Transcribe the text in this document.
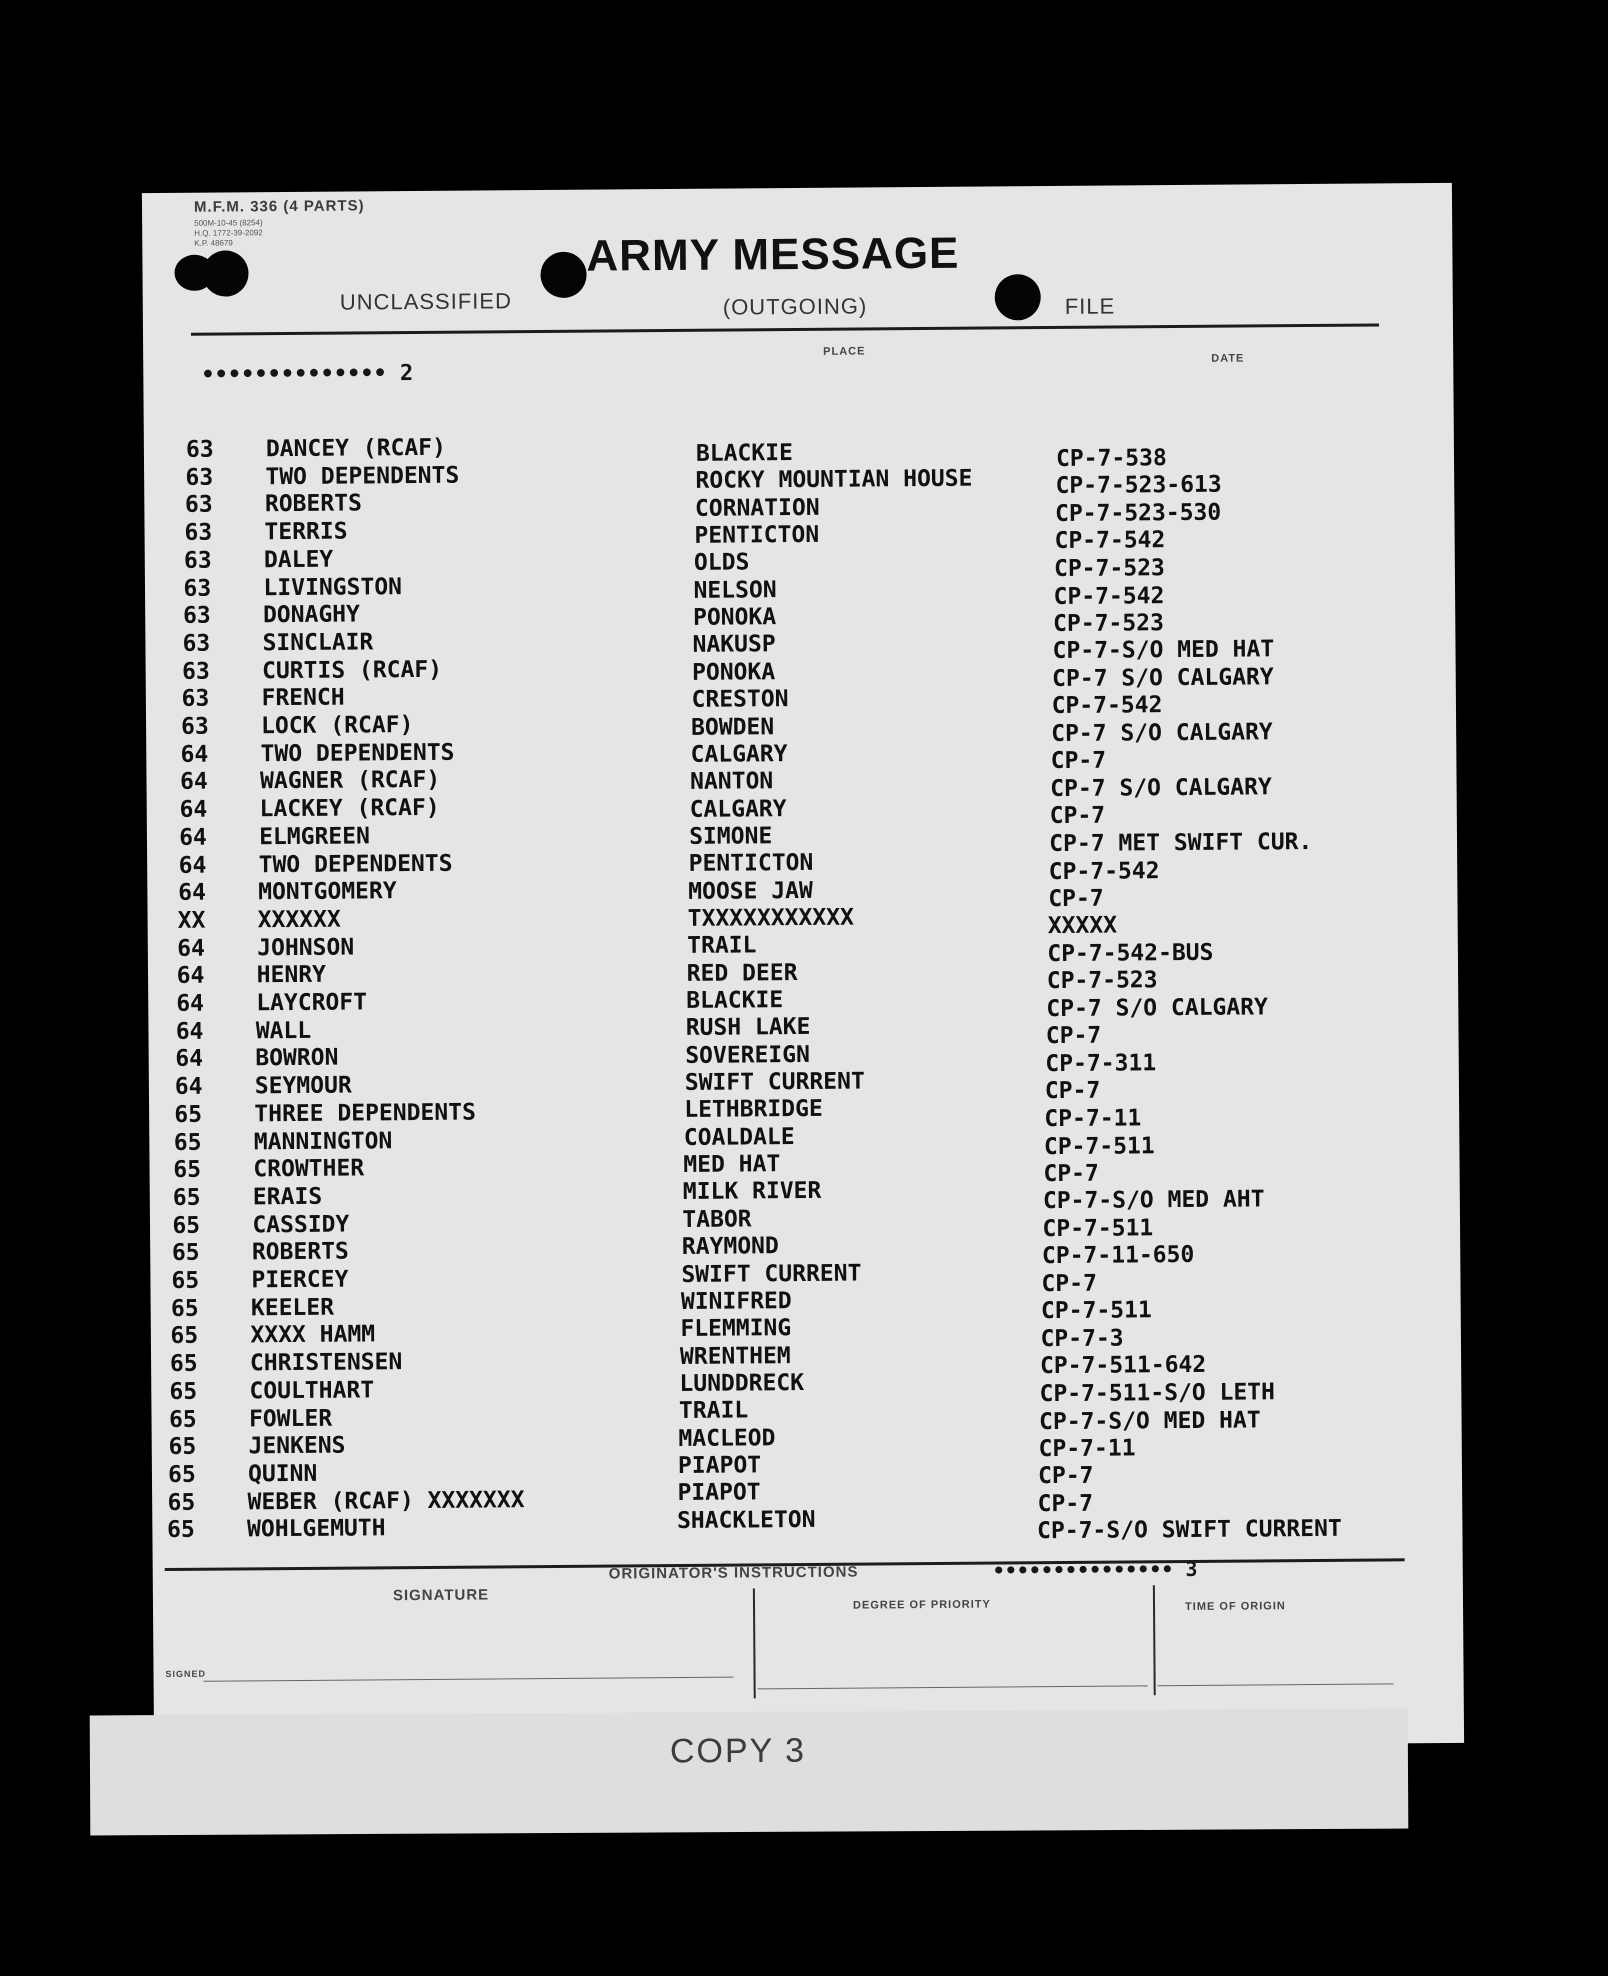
M.F.M. 336 (4 PARTS)
500M-10-45 (8254)
H.Q. 1772-39-2092
K.P. 48679	ARMY MESSAGE
UNCLASSIFIED	(OUTGOING)	FILE
PLACE
DATE
•••••••••••••• 2
63 DANCEY (RCAF)	BLACKIE	CP-7-538
63 TWO DEPENDENTS	ROCKY MOUNTIAN HOUSE	CP-7-523-613
63 ROBERTS	CORNATION	CP-7-523-530
63 TERRIS	PENTICTON	CP-7-542
63 DALEY	OLDS	CP-7-523
63 LIVINGSTON	NELSON	CP-7-542
63 DONAGHY	PONOKA	CP-7-523
63 SINCLAIR	NAKUSP	CP-7-S/O MED HAT
63 CURTIS (RCAF)	PONOKA	CP-7 S/O CALGARY
63 FRENCH	CRESTON	CP-7-542
63 LOCK (RCAF)	BOWDEN	CP-7 S/O CALGARY
64 TWO DEPENDENTS	CALGARY	CP-7
64 WAGNER (RCAF)	NANTON	CP-7 S/O CALGARY
64 LACKEY (RCAF)	CALGARY	CP-7
64 ELMGREEN	SIMONE	CP-7 MET SWIFT CUR.
64 TWO DEPENDENTS	PENTICTON	CP-7-542
64 MONTGOMERY	MOOSE JAW	CP-7
XX XXXXXX	TXXXXXXXXXXX	XXXXX
64 JOHNSON	TRAIL	CP-7-542-BUS
64 HENRY	RED DEER	CP-7-523
64 LAYCROFT	BLACKIE	CP-7 S/O CALGARY
64 WALL	RUSH LAKE	CP-7
64 BOWRON	SOVEREIGN	CP-7-311
64 SEYMOUR	SWIFT CURRENT	CP-7
65 THREE DEPENDENTS	LETHBRIDGE	CP-7-11
65 MANNINGTON	COALDALE	CP-7-511
65 CROWTHER	MED HAT	CP-7
65 ERAIS	MILK RIVER	CP-7-S/O MED AHT
65 CASSIDY	TABOR	CP-7-511
65 ROBERTS	RAYMOND	CP-7-11-650
65 PIERCEY	SWIFT CURRENT	CP-7
65 KEELER	WINIFRED	CP-7-511
65 XXXX HAMM	FLEMMING	CP-7-3
65 CHRISTENSEN	WRENTHEM	CP-7-511-642
65 COULTHART	LUNDDRECK	CP-7-511-S/O LETH
65 FOWLER	TRAIL	CP-7-S/O MED HAT
65 JENKENS	MACLEOD	CP-7-11
65 QUINN	PIAPOT	CP-7
65 WEBER (RCAF) XXXXXXX	PIAPOT	CP-7
65 WOHLGEMUTH	SHACKLETON	CP-7-S/O SWIFT CURRENT
ORIGINATOR'S INSTRUCTIONS	••••••••••••••• 3
SIGNATURE
DEGREE OF PRIORITY	TIME OF ORIGIN
SIGNED
COPY 3
